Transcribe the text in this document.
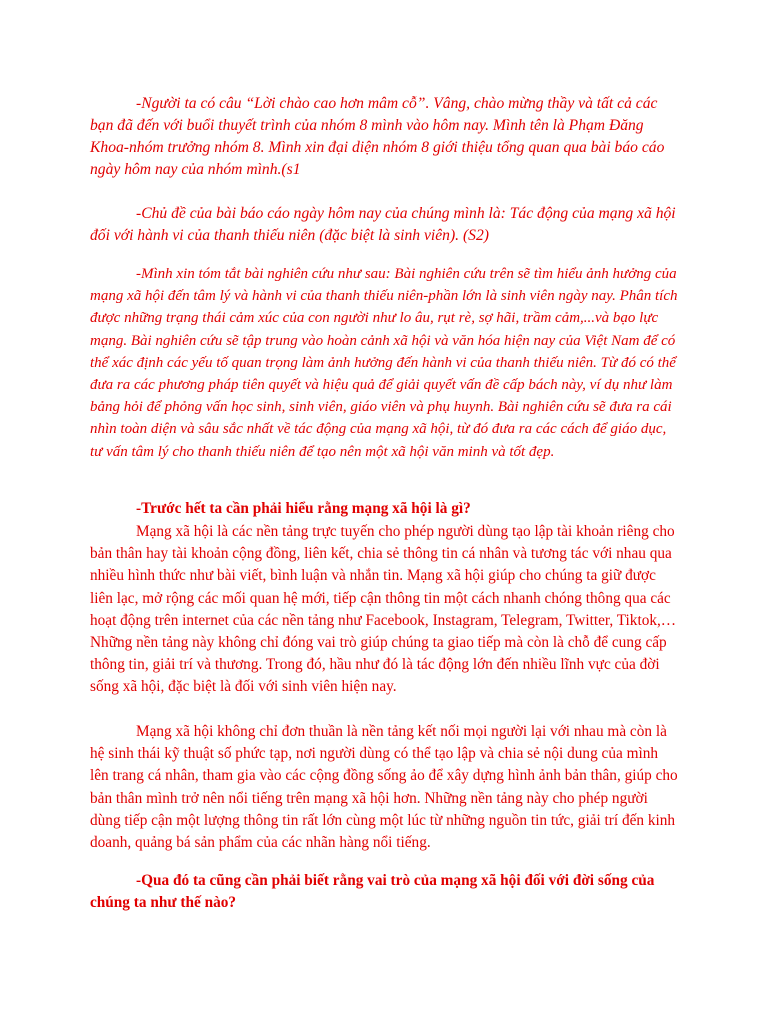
-Người ta có câu “Lời chào cao hơn mâm cỗ”. Vâng, chào mừng thầy và tất cả các bạn đã đến với buổi thuyết trình của nhóm 8 mình vào hôm nay. Mình tên là Phạm Đăng Khoa-nhóm trưởng nhóm 8. Mình xin đại diện nhóm 8 giới thiệu tổng quan qua bài báo cáo ngày hôm nay của nhóm mình.(s1

-Chủ đề của bài báo cáo ngày hôm nay của chúng mình là: Tác động của mạng xã hội đối với hành vi của thanh thiếu niên (đặc biệt là sinh viên). (S2)

-Mình xin tóm tắt bài nghiên cứu như sau: Bài nghiên cứu trên sẽ tìm hiểu ảnh hưởng của mạng xã hội đến tâm lý và hành vi của thanh thiếu niên-phần lớn là sinh viên ngày nay. Phân tích được những trạng thái cảm xúc của con người như lo âu, rụt rè, sợ hãi, trầm cảm,...và bạo lực mạng. Bài nghiên cứu sẽ tập trung vào hoàn cảnh xã hội và văn hóa hiện nay của Việt Nam để có thể xác định các yếu tố quan trọng làm ảnh hưởng đến hành vi của thanh thiếu niên. Từ đó có thể đưa ra các phương pháp tiên quyết và hiệu quả để giải quyết vấn đề cấp bách này, ví dụ như làm bảng hỏi để phỏng vấn học sinh, sinh viên, giáo viên và phụ huynh. Bài nghiên cứu sẽ đưa ra cái nhìn toàn diện và sâu sắc nhất về tác động của mạng xã hội, từ đó đưa ra các cách để giáo dục, tư vấn tâm lý cho thanh thiếu niên để tạo nên một xã hội văn minh và tốt đẹp.

-Trước hết ta cần phải hiểu rằng mạng xã hội là gì?

Mạng xã hội là các nền tảng trực tuyến cho phép người dùng tạo lập tài khoản riêng cho bản thân hay tài khoản cộng đồng, liên kết, chia sẻ thông tin cá nhân và tương tác với nhau qua nhiều hình thức như bài viết, bình luận và nhắn tin. Mạng xã hội giúp cho chúng ta giữ được liên lạc, mở rộng các mối quan hệ mới, tiếp cận thông tin một cách nhanh chóng thông qua các hoạt động trên internet của các nền tảng như Facebook, Instagram, Telegram, Twitter, Tiktok,…Những nền tảng này không chỉ đóng vai trò giúp chúng ta giao tiếp mà còn là chỗ để cung cấp thông tin, giải trí và thương. Trong đó, hầu như đó là tác động lớn đến nhiều lĩnh vực của đời sống xã hội, đặc biệt là đối với sinh viên hiện nay.

Mạng xã hội không chỉ đơn thuần là nền tảng kết nối mọi người lại với nhau mà còn là hệ sinh thái kỹ thuật số phức tạp, nơi người dùng có thể tạo lập và chia sẻ nội dung của mình lên trang cá nhân, tham gia vào các cộng đồng sống ảo để xây dựng hình ảnh bản thân, giúp cho bản thân mình trở nên nổi tiếng trên mạng xã hội hơn. Những nền tảng này cho phép người dùng tiếp cận một lượng thông tin rất lớn cùng một lúc từ những nguồn tin tức, giải trí đến kinh doanh, quảng bá sản phẩm của các nhãn hàng nổi tiếng.

-Qua đó ta cũng cần phải biết rằng vai trò của mạng xã hội đối với đời sống của chúng ta như thế nào?
